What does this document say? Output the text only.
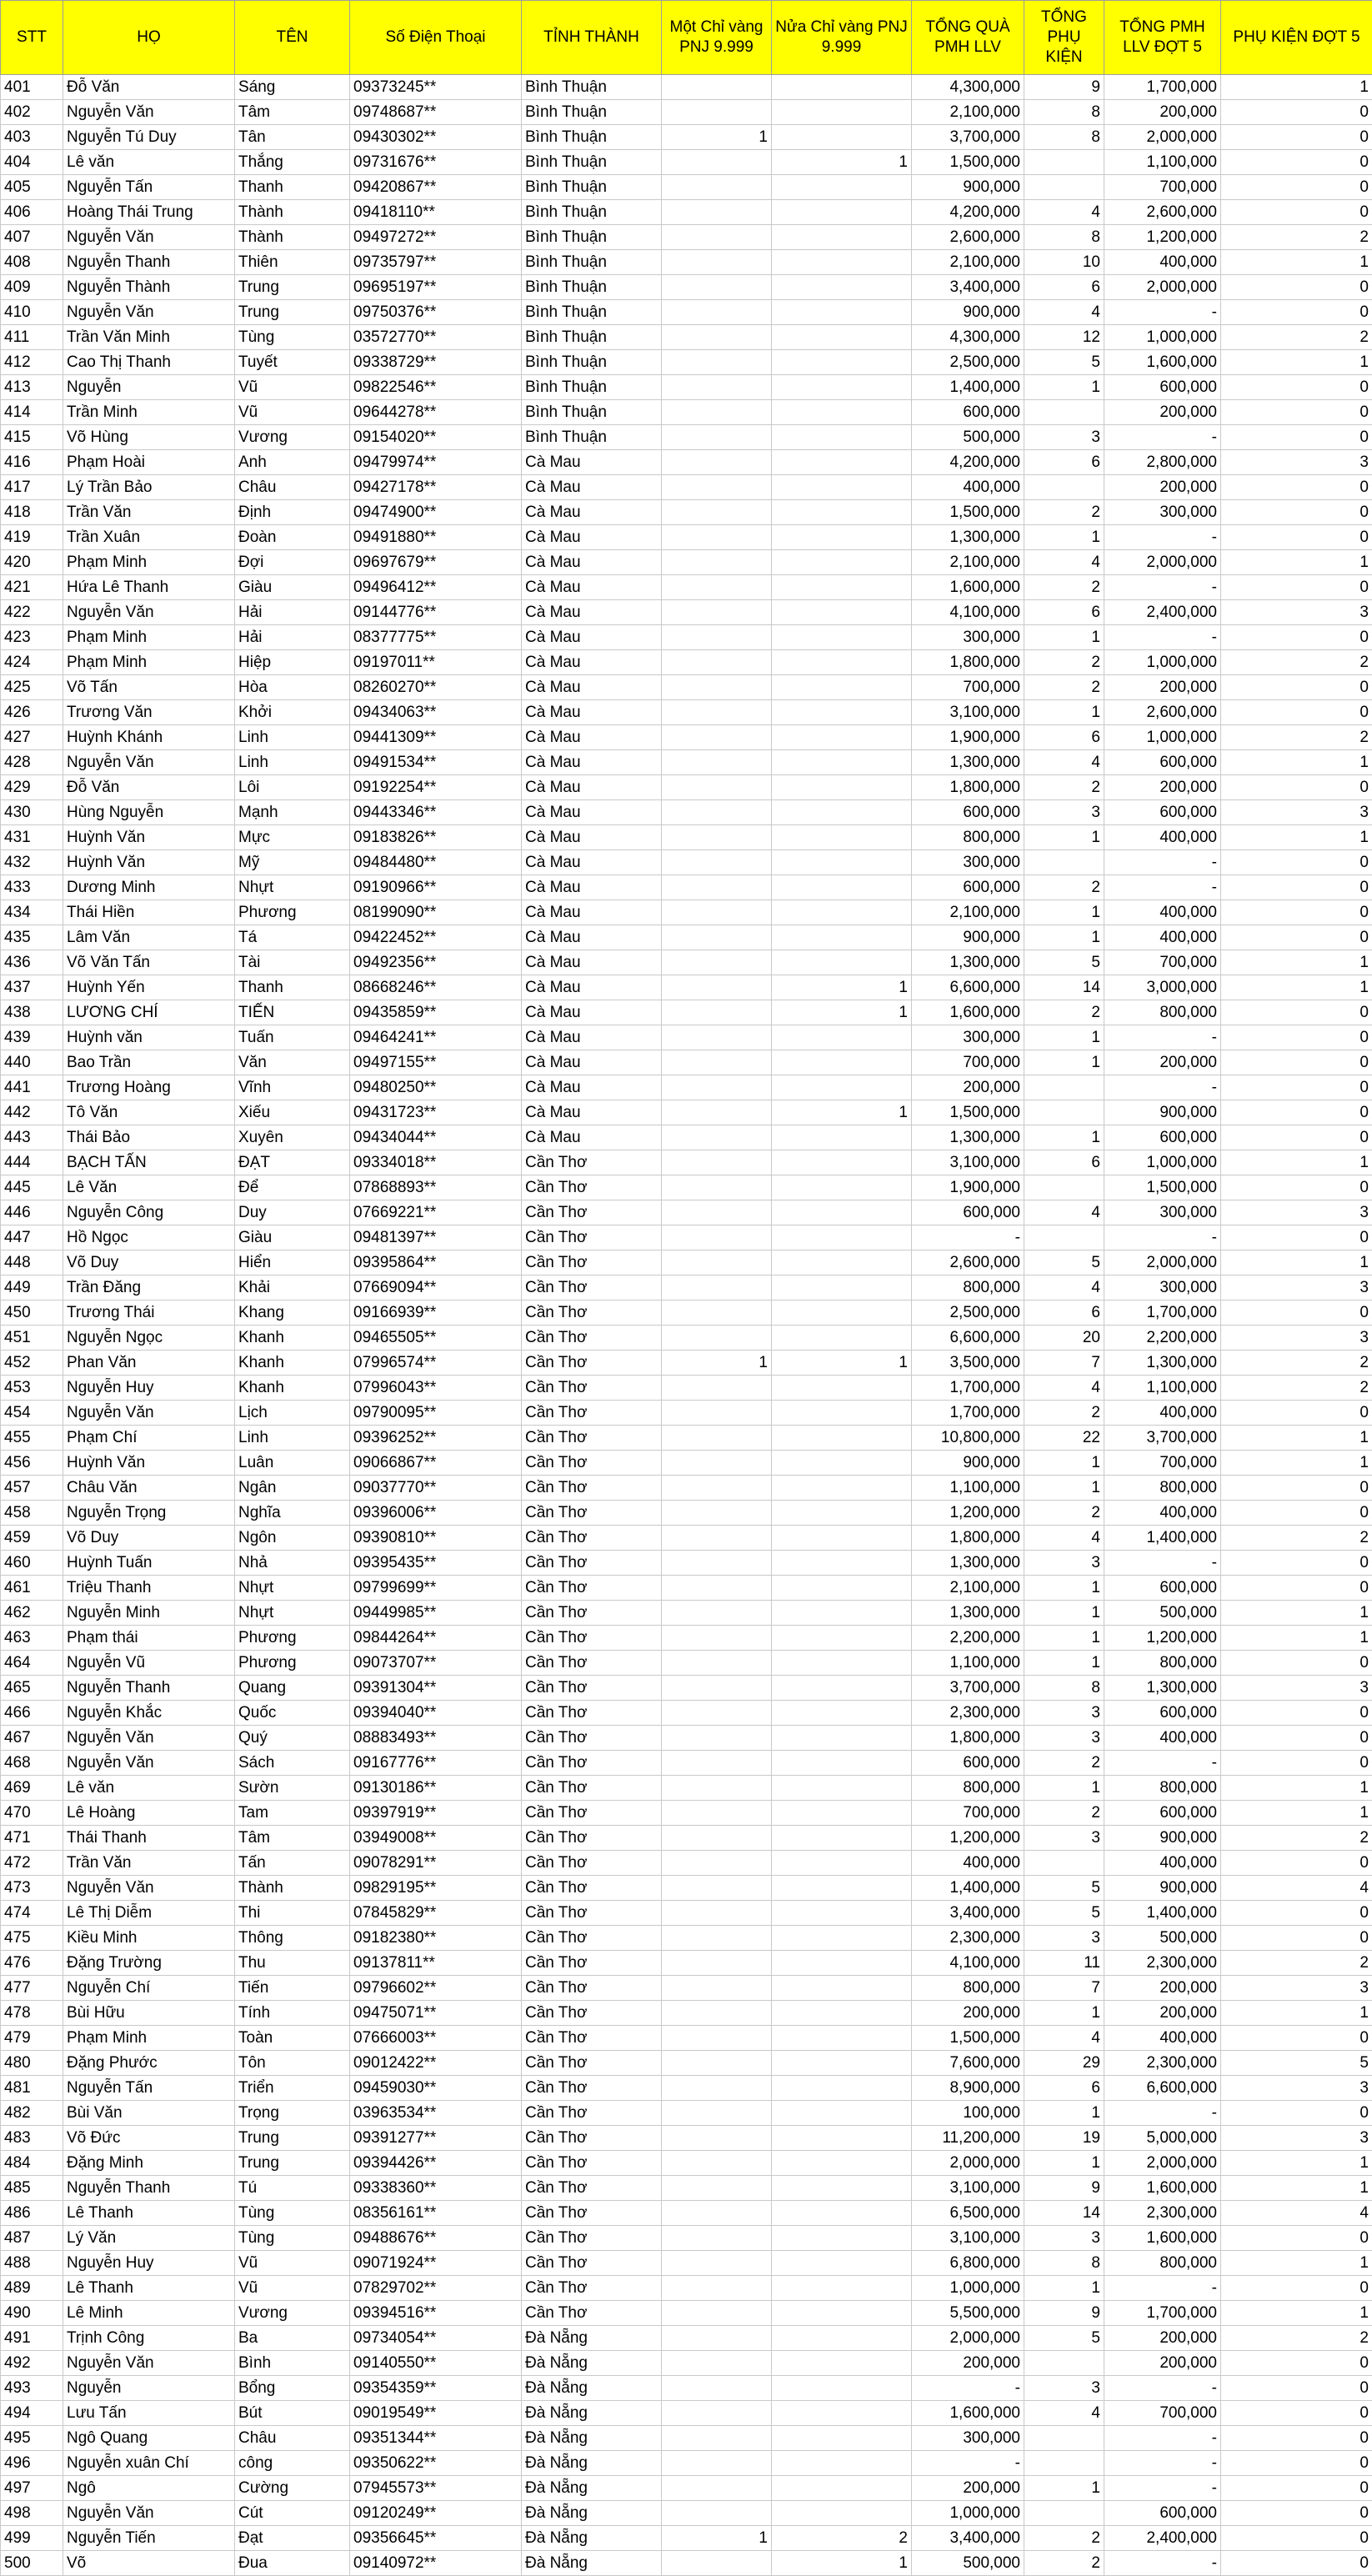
STT	HỌ	TÊN	Số Điện Thoại	TỈNH THÀNH	Một Chỉ vàng PNJ 9.999	Nửa Chỉ vàng PNJ 9.999	TỔNG QUÀ PMH LLV	TỔNG PHỤ KIỆN	TỔNG PMH LLV ĐỢT 5	PHỤ KIỆN ĐỢT 5
401	Đỗ Văn	Sáng	09373245**	Bình Thuận			4,300,000	9	1,700,000	1
402	Nguyễn Văn	Tâm	09748687**	Bình Thuận			2,100,000	8	200,000	0
403	Nguyễn Tú Duy	Tân	09430302**	Bình Thuận	1		3,700,000	8	2,000,000	0
404	Lê văn	Thắng	09731676**	Bình Thuận		1	1,500,000		1,100,000	0
405	Nguyễn Tấn	Thanh	09420867**	Bình Thuận			900,000		700,000	0
406	Hoàng Thái Trung	Thành	09418110**	Bình Thuận			4,200,000	4	2,600,000	0
407	Nguyễn Văn	Thành	09497272**	Bình Thuận			2,600,000	8	1,200,000	2
408	Nguyễn Thanh	Thiên	09735797**	Bình Thuận			2,100,000	10	400,000	1
409	Nguyễn Thành	Trung	09695197**	Bình Thuận			3,400,000	6	2,000,000	0
410	Nguyễn Văn	Trung	09750376**	Bình Thuận			900,000	4	-	0
411	Trần Văn Minh	Tùng	03572770**	Bình Thuận			4,300,000	12	1,000,000	2
412	Cao Thị Thanh	Tuyết	09338729**	Bình Thuận			2,500,000	5	1,600,000	1
413	Nguyễn	Vũ	09822546**	Bình Thuận			1,400,000	1	600,000	0
414	Trần Minh	Vũ	09644278**	Bình Thuận			600,000		200,000	0
415	Võ Hùng	Vương	09154020**	Bình Thuận			500,000	3	-	0
416	Phạm Hoài	Anh	09479974**	Cà Mau			4,200,000	6	2,800,000	3
417	Lý Trần Bảo	Châu	09427178**	Cà Mau			400,000		200,000	0
418	Trần Văn	Định	09474900**	Cà Mau			1,500,000	2	300,000	0
419	Trần Xuân	Đoàn	09491880**	Cà Mau			1,300,000	1	-	0
420	Phạm Minh	Đợi	09697679**	Cà Mau			2,100,000	4	2,000,000	1
421	Hứa Lê Thanh	Giàu	09496412**	Cà Mau			1,600,000	2	-	0
422	Nguyễn Văn	Hải	09144776**	Cà Mau			4,100,000	6	2,400,000	3
423	Phạm Minh	Hải	08377775**	Cà Mau			300,000	1	-	0
424	Phạm Minh	Hiệp	09197011**	Cà Mau			1,800,000	2	1,000,000	2
425	Võ Tấn	Hòa	08260270**	Cà Mau			700,000	2	200,000	0
426	Trương Văn	Khởi	09434063**	Cà Mau			3,100,000	1	2,600,000	0
427	Huỳnh Khánh	Linh	09441309**	Cà Mau			1,900,000	6	1,000,000	2
428	Nguyễn Văn	Linh	09491534**	Cà Mau			1,300,000	4	600,000	1
429	Đỗ Văn	Lôi	09192254**	Cà Mau			1,800,000	2	200,000	0
430	Hùng Nguyễn	Mạnh	09443346**	Cà Mau			600,000	3	600,000	3
431	Huỳnh Văn	Mực	09183826**	Cà Mau			800,000	1	400,000	1
432	Huỳnh Văn	Mỹ	09484480**	Cà Mau			300,000		-	0
433	Dương Minh	Nhựt	09190966**	Cà Mau			600,000	2	-	0
434	Thái Hiền	Phương	08199090**	Cà Mau			2,100,000	1	400,000	0
435	Lâm Văn	Tá	09422452**	Cà Mau			900,000	1	400,000	0
436	Võ Văn Tấn	Tài	09492356**	Cà Mau			1,300,000	5	700,000	1
437	Huỳnh Yến	Thanh	08668246**	Cà Mau		1	6,600,000	14	3,000,000	1
438	LƯƠNG CHÍ	TIẾN	09435859**	Cà Mau		1	1,600,000	2	800,000	0
439	Huỳnh văn	Tuấn	09464241**	Cà Mau			300,000	1	-	0
440	Bao Trần	Văn	09497155**	Cà Mau			700,000	1	200,000	0
441	Trương Hoàng	Vĩnh	09480250**	Cà Mau			200,000		-	0
442	Tô Văn	Xiếu	09431723**	Cà Mau		1	1,500,000		900,000	0
443	Thái Bảo	Xuyên	09434044**	Cà Mau			1,300,000	1	600,000	0
444	BẠCH TẤN	ĐẠT	09334018**	Cần Thơ			3,100,000	6	1,000,000	1
445	Lê Văn	Để	07868893**	Cần Thơ			1,900,000		1,500,000	0
446	Nguyễn Công	Duy	07669221**	Cần Thơ			600,000	4	300,000	3
447	Hồ Ngọc	Giàu	09481397**	Cần Thơ			-		-	0
448	Võ Duy	Hiển	09395864**	Cần Thơ			2,600,000	5	2,000,000	1
449	Trần Đăng	Khải	07669094**	Cần Thơ			800,000	4	300,000	3
450	Trương Thái	Khang	09166939**	Cần Thơ			2,500,000	6	1,700,000	0
451	Nguyễn Ngọc	Khanh	09465505**	Cần Thơ			6,600,000	20	2,200,000	3
452	Phan Văn	Khanh	07996574**	Cần Thơ	1	1	3,500,000	7	1,300,000	2
453	Nguyễn Huy	Khanh	07996043**	Cần Thơ			1,700,000	4	1,100,000	2
454	Nguyễn Văn	Lịch	09790095**	Cần Thơ			1,700,000	2	400,000	0
455	Phạm Chí	Linh	09396252**	Cần Thơ			10,800,000	22	3,700,000	1
456	Huỳnh Văn	Luân	09066867**	Cần Thơ			900,000	1	700,000	1
457	Châu Văn	Ngân	09037770**	Cần Thơ			1,100,000	1	800,000	0
458	Nguyễn Trọng	Nghĩa	09396006**	Cần Thơ			1,200,000	2	400,000	0
459	Võ Duy	Ngôn	09390810**	Cần Thơ			1,800,000	4	1,400,000	2
460	Huỳnh Tuấn	Nhả	09395435**	Cần Thơ			1,300,000	3	-	0
461	Triệu Thanh	Nhựt	09799699**	Cần Thơ			2,100,000	1	600,000	0
462	Nguyễn Minh	Nhựt	09449985**	Cần Thơ			1,300,000	1	500,000	1
463	Phạm thái	Phương	09844264**	Cần Thơ			2,200,000	1	1,200,000	1
464	Nguyễn Vũ	Phương	09073707**	Cần Thơ			1,100,000	1	800,000	0
465	Nguyễn Thanh	Quang	09391304**	Cần Thơ			3,700,000	8	1,300,000	3
466	Nguyễn Khắc	Quốc	09394040**	Cần Thơ			2,300,000	3	600,000	0
467	Nguyễn Văn	Quý	08883493**	Cần Thơ			1,800,000	3	400,000	0
468	Nguyễn Văn	Sách	09167776**	Cần Thơ			600,000	2	-	0
469	Lê văn	Sườn	09130186**	Cần Thơ			800,000	1	800,000	1
470	Lê Hoàng	Tam	09397919**	Cần Thơ			700,000	2	600,000	1
471	Thái Thanh	Tâm	03949008**	Cần Thơ			1,200,000	3	900,000	2
472	Trần Văn	Tấn	09078291**	Cần Thơ			400,000		400,000	0
473	Nguyễn Văn	Thành	09829195**	Cần Thơ			1,400,000	5	900,000	4
474	Lê Thị Diễm	Thi	07845829**	Cần Thơ			3,400,000	5	1,400,000	0
475	Kiều Minh	Thông	09182380**	Cần Thơ			2,300,000	3	500,000	0
476	Đặng Trường	Thu	09137811**	Cần Thơ			4,100,000	11	2,300,000	2
477	Nguyễn Chí	Tiến	09796602**	Cần Thơ			800,000	7	200,000	3
478	Bùi Hữu	Tính	09475071**	Cần Thơ			200,000	1	200,000	1
479	Phạm Minh	Toàn	07666003**	Cần Thơ			1,500,000	4	400,000	0
480	Đặng Phước	Tôn	09012422**	Cần Thơ			7,600,000	29	2,300,000	5
481	Nguyễn Tấn	Triển	09459030**	Cần Thơ			8,900,000	6	6,600,000	3
482	Bùi Văn	Trọng	03963534**	Cần Thơ			100,000	1	-	0
483	Võ Đức	Trung	09391277**	Cần Thơ			11,200,000	19	5,000,000	3
484	Đặng Minh	Trung	09394426**	Cần Thơ			2,000,000	1	2,000,000	1
485	Nguyễn Thanh	Tú	09338360**	Cần Thơ			3,100,000	9	1,600,000	1
486	Lê Thanh	Tùng	08356161**	Cần Thơ			6,500,000	14	2,300,000	4
487	Lý Văn	Tùng	09488676**	Cần Thơ			3,100,000	3	1,600,000	0
488	Nguyễn Huy	Vũ	09071924**	Cần Thơ			6,800,000	8	800,000	1
489	Lê Thanh	Vũ	07829702**	Cần Thơ			1,000,000	1	-	0
490	Lê Minh	Vương	09394516**	Cần Thơ			5,500,000	9	1,700,000	1
491	Trịnh Công	Ba	09734054**	Đà Nẵng			2,000,000	5	200,000	2
492	Nguyễn Văn	Bình	09140550**	Đà Nẵng			200,000		200,000	0
493	Nguyễn	Bổng	09354359**	Đà Nẵng			-	3	-	0
494	Lưu Tấn	Bút	09019549**	Đà Nẵng			1,600,000	4	700,000	0
495	Ngô Quang	Châu	09351344**	Đà Nẵng			300,000		-	0
496	Nguyễn xuân Chí	công	09350622**	Đà Nẵng			-		-	0
497	Ngô	Cường	07945573**	Đà Nẵng			200,000	1	-	0
498	Nguyễn Văn	Cút	09120249**	Đà Nẵng			1,000,000		600,000	0
499	Nguyễn Tiến	Đạt	09356645**	Đà Nẵng	1	2	3,400,000	2	2,400,000	0
500	Võ	Đua	09140972**	Đà Nẵng		1	500,000	2	-	0
